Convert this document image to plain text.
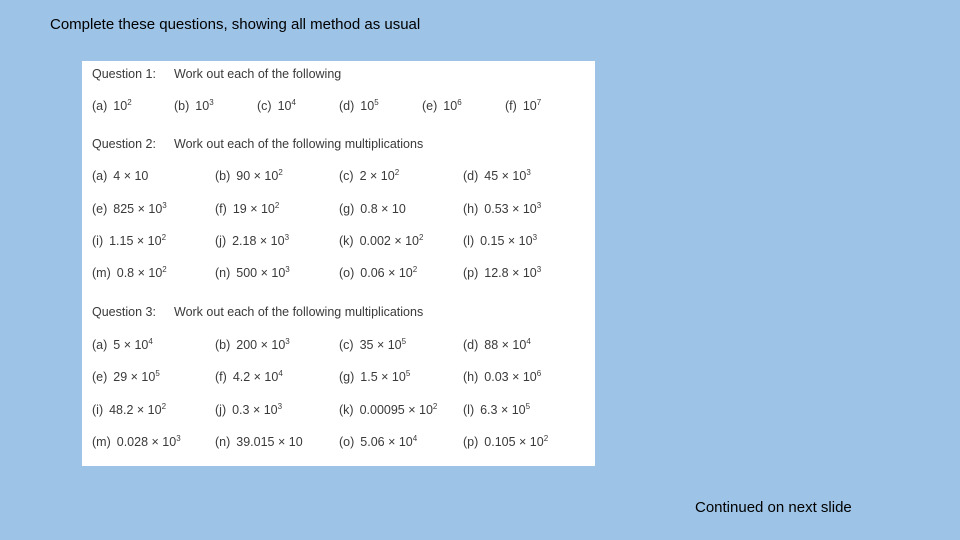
Complete these questions, showing all method as usual
Question 1: Work out each of the following
(a) $10^2$	(b) $10^3$	(c) $10^4$	(d) $10^5$	(e) $10^6$	(f) $10^7$
Question 2: Work out each of the following multiplications
(a) 4 × 10	(b) $90 \times 10^2$	(c) $2 \times 10^2$	(d) $45 \times 10^3$
(e) $825 \times 10^3$	(f) $19 \times 10^2$	(g) 0.8 × 10	(h) $0.53 \times 10^3$
(i) $1.15 \times 10^2$	(j) $2.18 \times 10^3$	(k) $0.002 \times 10^2$	(l) $0.15 \times 10^3$
(m) $0.8 \times 10^2$	(n) $500 \times 10^3$	(o) $0.06 \times 10^2$	(p) $12.8 \times 10^3$
Question 3: Work out each of the following multiplications
(a) $5 \times 10^4$	(b) $200 \times 10^3$	(c) $35 \times 10^5$	(d) $88 \times 10^4$
(e) $29 \times 10^5$	(f) $4.2 \times 10^4$	(g) $1.5 \times 10^5$	(h) $0.03 \times 10^6$
(i) $48.2 \times 10^2$	(j) $0.3 \times 10^3$	(k) $0.00095 \times 10^2$ (l) $6.3 \times 10^5$
(m) $0.028 \times 10^3$	(n) 39.015 × 10	(o) $5.06 \times 10^4$	(p) $0.105 \times 10^2$
Continued on next slide
